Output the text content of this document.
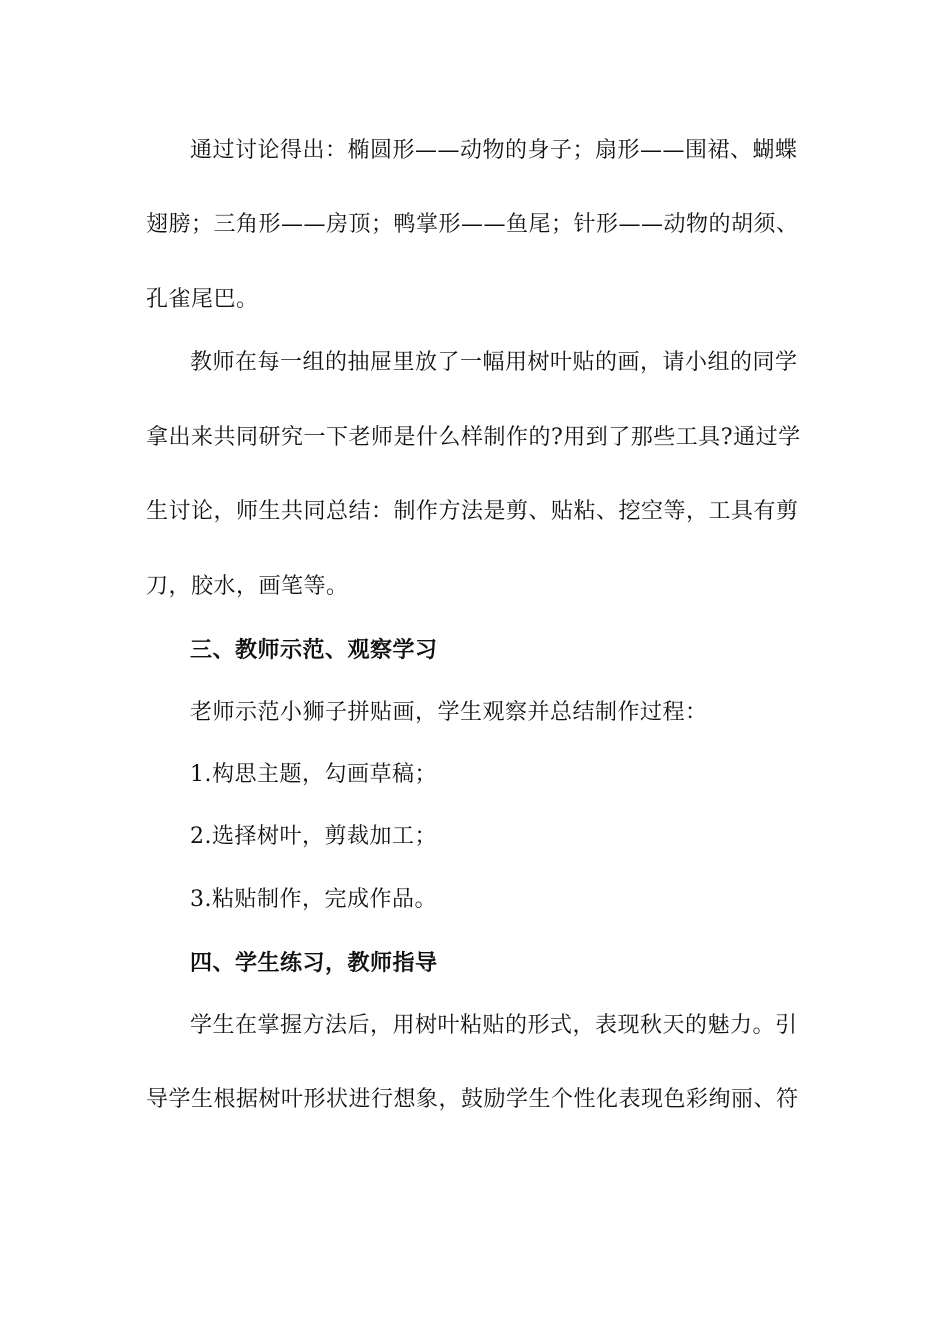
通过讨论得出：椭圆形——动物的身子；扇形——围裙、蝴蝶
翅膀；三角形——房顶；鸭掌形——鱼尾；针形——动物的胡须、
孔雀尾巴。
教师在每一组的抽屉里放了一幅用树叶贴的画，请小组的同学
拿出来共同研究一下老师是什么样制作的?用到了那些工具?通过学
生讨论，师生共同总结：制作方法是剪、贴粘、挖空等，工具有剪
刀，胶水，画笔等。
三、教师示范、观察学习
老师示范小狮子拼贴画，学生观察并总结制作过程：
1.构思主题，勾画草稿；
2.选择树叶，剪裁加工；
3.粘贴制作，完成作品。
四、学生练习，教师指导
学生在掌握方法后，用树叶粘贴的形式，表现秋天的魅力。引
导学生根据树叶形状进行想象，鼓励学生个性化表现色彩绚丽、符
